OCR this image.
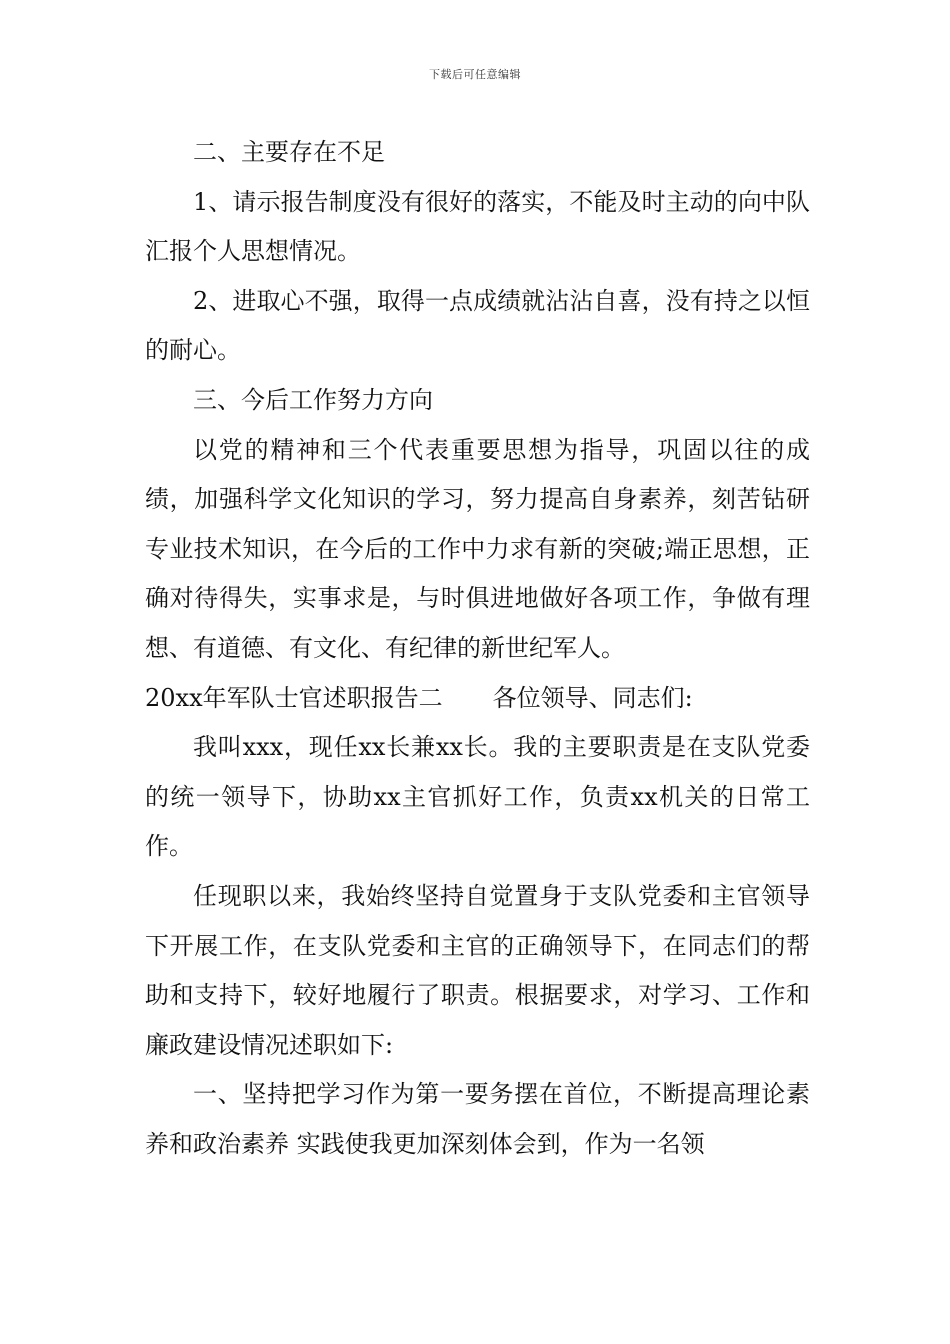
下载后可任意编辑

二、主要存在不足

1、请示报告制度没有很好的落实，不能及时主动的向中队汇报个人思想情况。

2、进取心不强，取得一点成绩就沾沾自喜，没有持之以恒的耐心。

三、今后工作努力方向

以党的精神和三个代表重要思想为指导，巩固以往的成绩，加强科学文化知识的学习，努力提高自身素养，刻苦钻研专业技术知识，在今后的工作中力求有新的突破;端正思想，正确对待得失，实事求是，与时俱进地做好各项工作，争做有理想、有道德、有文化、有纪律的新世纪军人。

20xx年军队士官述职报告二 各位领导、同志们:

我叫xxx，现任xx长兼xx长。我的主要职责是在支队党委的统一领导下，协助xx主官抓好工作，负责xx机关的日常工作。

任现职以来，我始终坚持自觉置身于支队党委和主官领导下开展工作，在支队党委和主官的正确领导下，在同志们的帮助和支持下，较好地履行了职责。根据要求，对学习、工作和廉政建设情况述职如下:

一、坚持把学习作为第一要务摆在首位，不断提高理论素养和政治素养 实践使我更加深刻体会到，作为一名领
